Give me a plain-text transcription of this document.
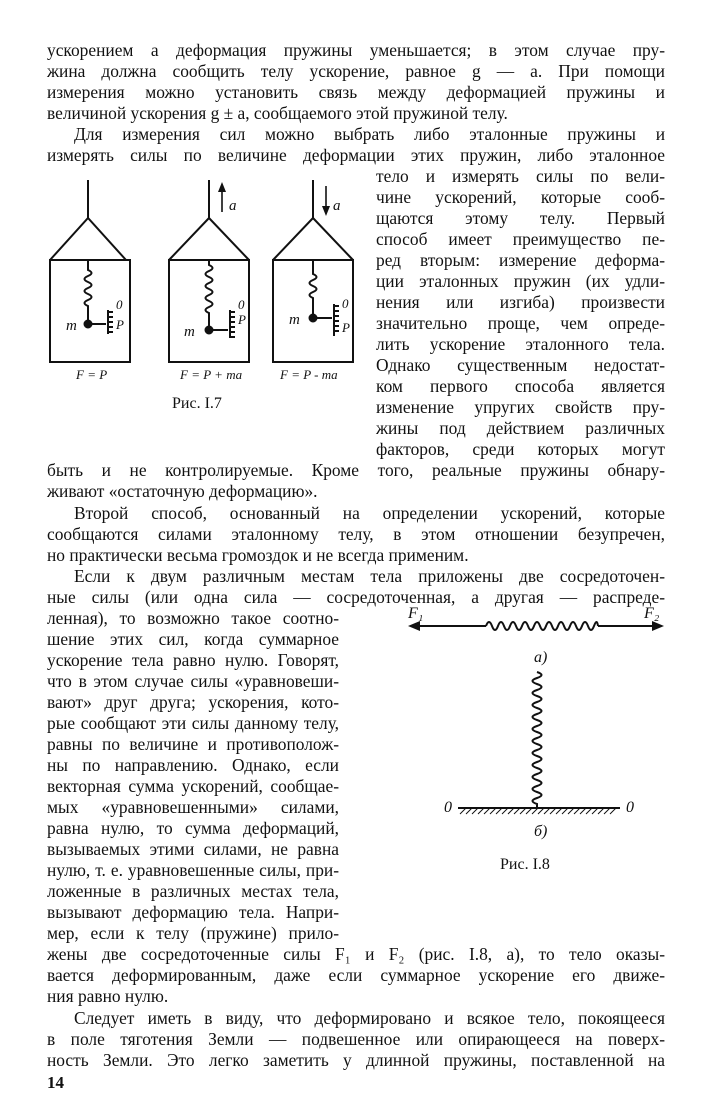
ускорением a деформация пружины уменьшается; в этом случае пру-
жина должна сообщить телу ускорение, равное g — a. При помощи
измерения можно установить связь между деформацией пружины и
величиной ускорения g ± a, сообщаемого этой пружиной телу.
Для измерения сил можно выбрать либо эталонные пружины и
измерять силы по величине деформации этих пружин, либо эталонное
тело и измерять силы по вели-
чине ускорений, которые сооб-
щаются этому телу. Первый
способ имеет преимущество пе-
ред вторым: измерение деформа-
ции эталонных пружин (их удли-
нения или изгиба) произвести
значительно проще, чем опреде-
лить ускорение эталонного тела.
Однако существенным недостат-
ком первого способа является
изменение упругих свойств пру-
жины под действием различных
факторов, среди которых могут
быть и не контролируемые. Кроме того, реальные пружины обнару-
живают «остаточную деформацию».
Второй способ, основанный на определении ускорений, которые
сообщаются силами эталонному телу, в этом отношении безупречен,
но практически весьма громоздок и не всегда применим.
Если к двум различным местам тела приложены две сосредоточен-
ные силы (или одна сила — сосредоточенная, а другая — распреде-
ленная), то возможно такое соотно-
шение этих сил, когда суммарное
ускорение тела равно нулю. Говорят,
что в этом случае силы «уравновеши-
вают» друг друга; ускорения, кото-
рые сообщают эти силы данному телу,
равны по величине и противополож-
ны по направлению. Однако, если
векторная сумма ускорений, сообщае-
мых «уравновешенными» силами,
равна нулю, то сумма деформаций,
вызываемых этими силами, не равна
нулю, т. е. уравновешенные силы, при-
ложенные в различных местах тела,
вызывают деформацию тела. Напри-
мер, если к телу (пружине) прило-
жены две сосредоточенные силы F₁ и F₂ (рис. I.8, a), то тело оказы-
вается деформированным, даже если суммарное ускорение его движе-
ния равно нулю.
Следует иметь в виду, что деформировано и всякое тело, покоящееся
в поле тяготения Земли — подвешенное или опирающееся на поверх-
ность Земли. Это легко заметить у длинной пружины, поставленной на
14
a	a
m	m
m
0
P
0
P
0
P
F = P	F = P + ma	F = P - ma
Рис. I.7
F₁	F₂
а)
б)
0	0
Рис. I.8
